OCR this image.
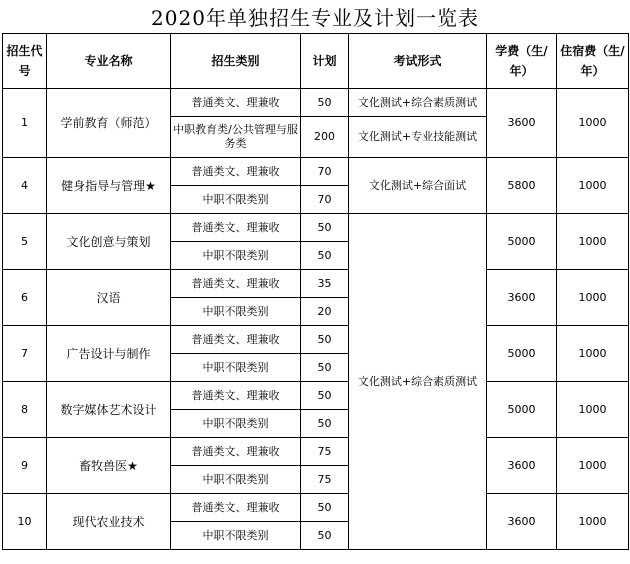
2020年单独招生专业及计划一览表
招生代号	专业名称	招生类别	计划	考试形式	学费（生/年）	住宿费（生/年）
1	学前教育（师范）	普通类文、理兼收	50	文化测试+综合素质测试	3600	1000
		中职教育类/公共管理与服务类	200	文化测试+专业技能测试		
4	健身指导与管理★	普通类文、理兼收	70	文化测试+综合面试	5800	1000
		中职不限类别	70			
5	文化创意与策划	普通类文、理兼收	50	文化测试+综合素质测试	5000	1000
		中职不限类别	50			
6	汉语	普通类文、理兼收	35		3600	1000
		中职不限类别	20			
7	广告设计与制作	普通类文、理兼收	50		5000	1000
		中职不限类别	50			
8	数字媒体艺术设计	普通类文、理兼收	50		5000	1000
		中职不限类别	50			
9	畜牧兽医★	普通类文、理兼收	75		3600	1000
		中职不限类别	75			
10	现代农业技术	普通类文、理兼收	50		3600	1000
		中职不限类别	50			
